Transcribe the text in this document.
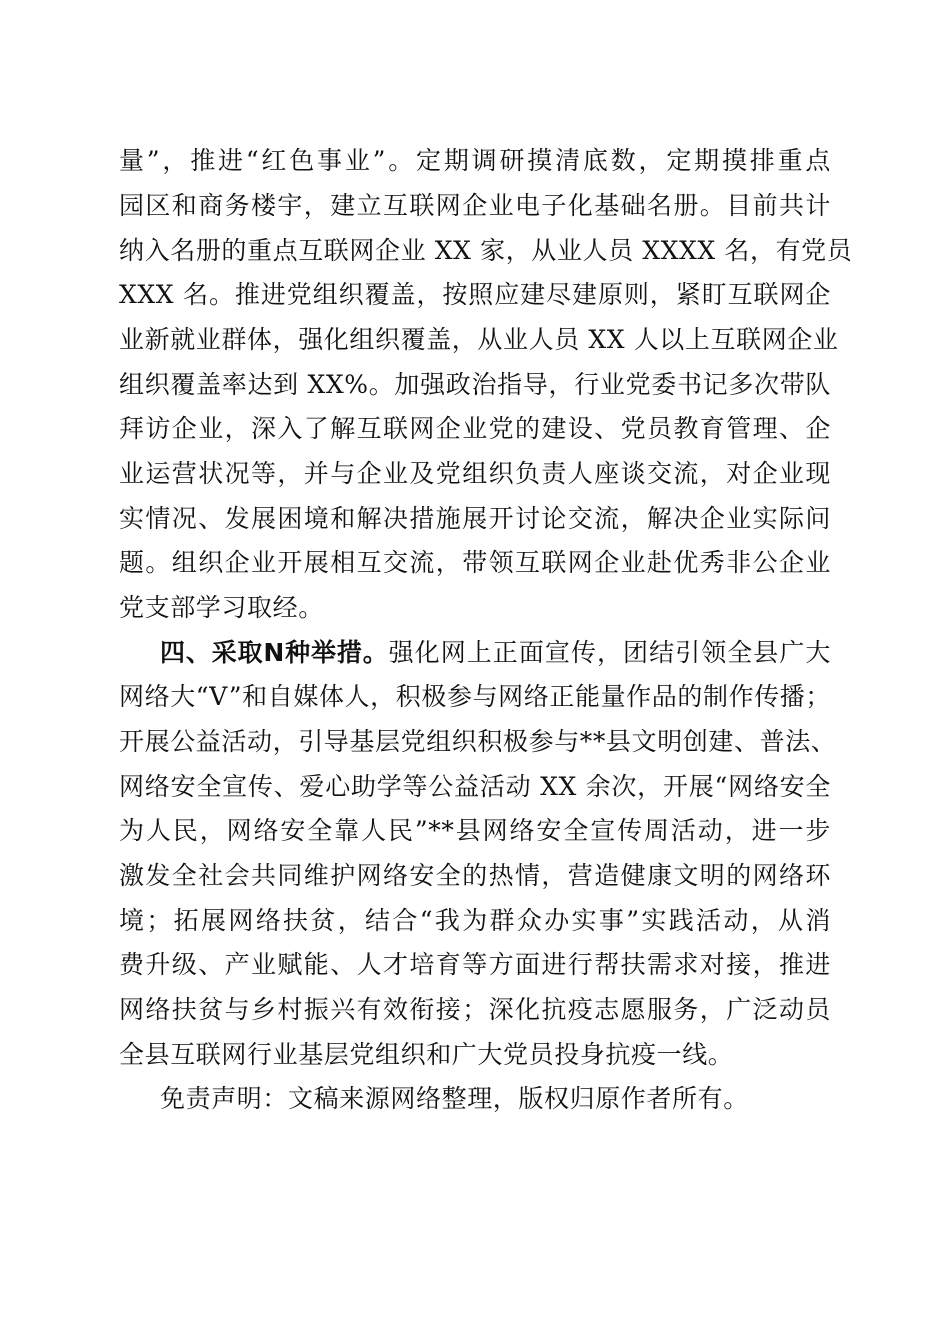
量”，推进“红色事业”。定期调研摸清底数，定期摸排重点
园区和商务楼宇，建立互联网企业电子化基础名册。目前共计
纳入名册的重点互联网企业 XX 家，从业人员 XXXX 名，有党员
XXX 名。推进党组织覆盖，按照应建尽建原则，紧盯互联网企
业新就业群体，强化组织覆盖，从业人员 XX 人以上互联网企业
组织覆盖率达到 XX%。加强政治指导，行业党委书记多次带队
拜访企业，深入了解互联网企业党的建设、党员教育管理、企
业运营状况等，并与企业及党组织负责人座谈交流，对企业现
实情况、发展困境和解决措施展开讨论交流，解决企业实际问
题。组织企业开展相互交流，带领互联网企业赴优秀非公企业
党支部学习取经。
四、采取N种举措。强化网上正面宣传，团结引领全县广大
网络大“V”和自媒体人，积极参与网络正能量作品的制作传播；
开展公益活动，引导基层党组织积极参与**县文明创建、普法、
网络安全宣传、爱心助学等公益活动 XX 余次，开展“网络安全
为人民，网络安全靠人民”**县网络安全宣传周活动，进一步
激发全社会共同维护网络安全的热情，营造健康文明的网络环
境；拓展网络扶贫，结合“我为群众办实事”实践活动，从消
费升级、产业赋能、人才培育等方面进行帮扶需求对接，推进
网络扶贫与乡村振兴有效衔接；深化抗疫志愿服务，广泛动员
全县互联网行业基层党组织和广大党员投身抗疫一线。
免责声明：文稿来源网络整理，版权归原作者所有。
